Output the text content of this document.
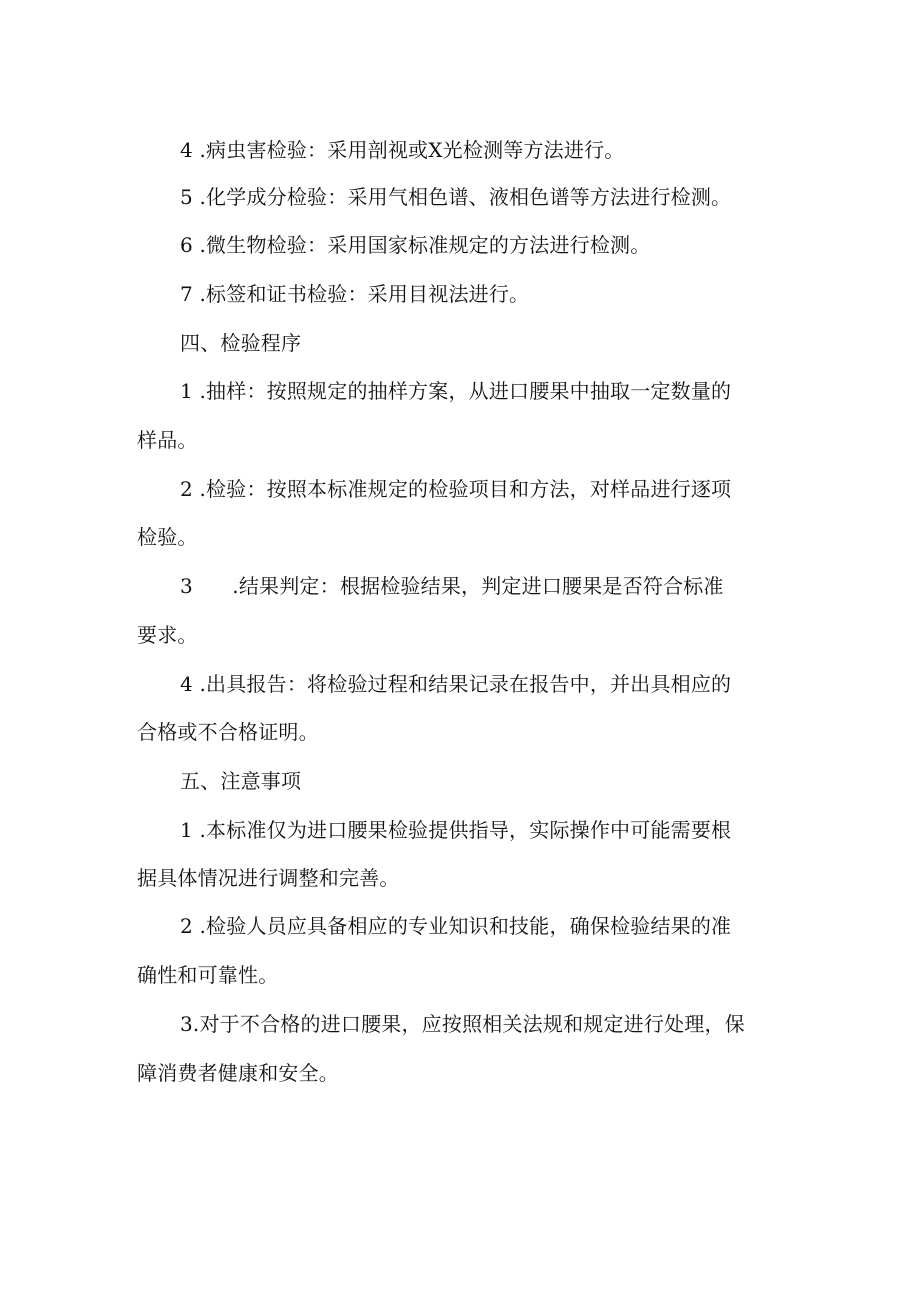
4 .病虫害检验：采用剖视或X光检测等方法进行。
5 .化学成分检验：采用气相色谱、液相色谱等方法进行检测。
6 .微生物检验：采用国家标准规定的方法进行检测。
7 .标签和证书检验：采用目视法进行。
四、检验程序
1 .抽样：按照规定的抽样方案，从进口腰果中抽取一定数量的
样品。
2 .检验：按照本标准规定的检验项目和方法，对样品进行逐项
检验。
3      .结果判定：根据检验结果，判定进口腰果是否符合标准
要求。
4 .出具报告：将检验过程和结果记录在报告中，并出具相应的
合格或不合格证明。
五、注意事项
1 .本标准仅为进口腰果检验提供指导，实际操作中可能需要根
据具体情况进行调整和完善。
2 .检验人员应具备相应的专业知识和技能，确保检验结果的准
确性和可靠性。
3.对于不合格的进口腰果，应按照相关法规和规定进行处理，保
障消费者健康和安全。
